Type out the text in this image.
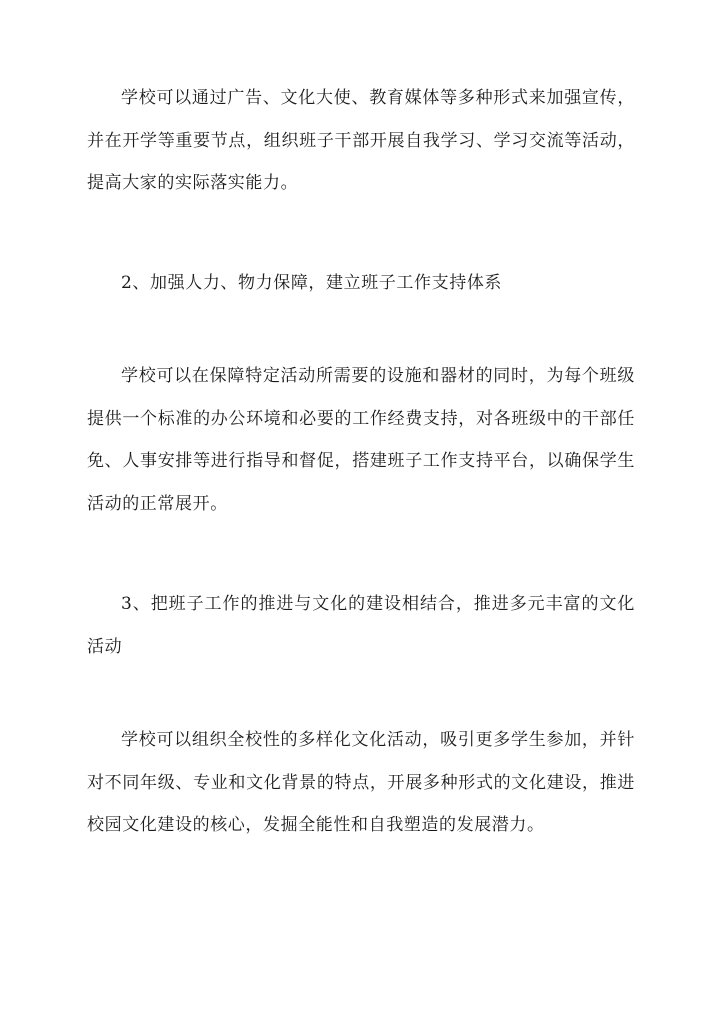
学校可以通过广告、文化大使、教育媒体等多种形式来加强宣传，并在开学等重要节点，组织班子干部开展自我学习、学习交流等活动，提高大家的实际落实能力。

2、加强人力、物力保障，建立班子工作支持体系

学校可以在保障特定活动所需要的设施和器材的同时，为每个班级提供一个标准的办公环境和必要的工作经费支持，对各班级中的干部任免、人事安排等进行指导和督促，搭建班子工作支持平台，以确保学生活动的正常展开。

3、把班子工作的推进与文化的建设相结合，推进多元丰富的文化活动

学校可以组织全校性的多样化文化活动，吸引更多学生参加，并针对不同年级、专业和文化背景的特点，开展多种形式的文化建设，推进校园文化建设的核心，发掘全能性和自我塑造的发展潜力。
